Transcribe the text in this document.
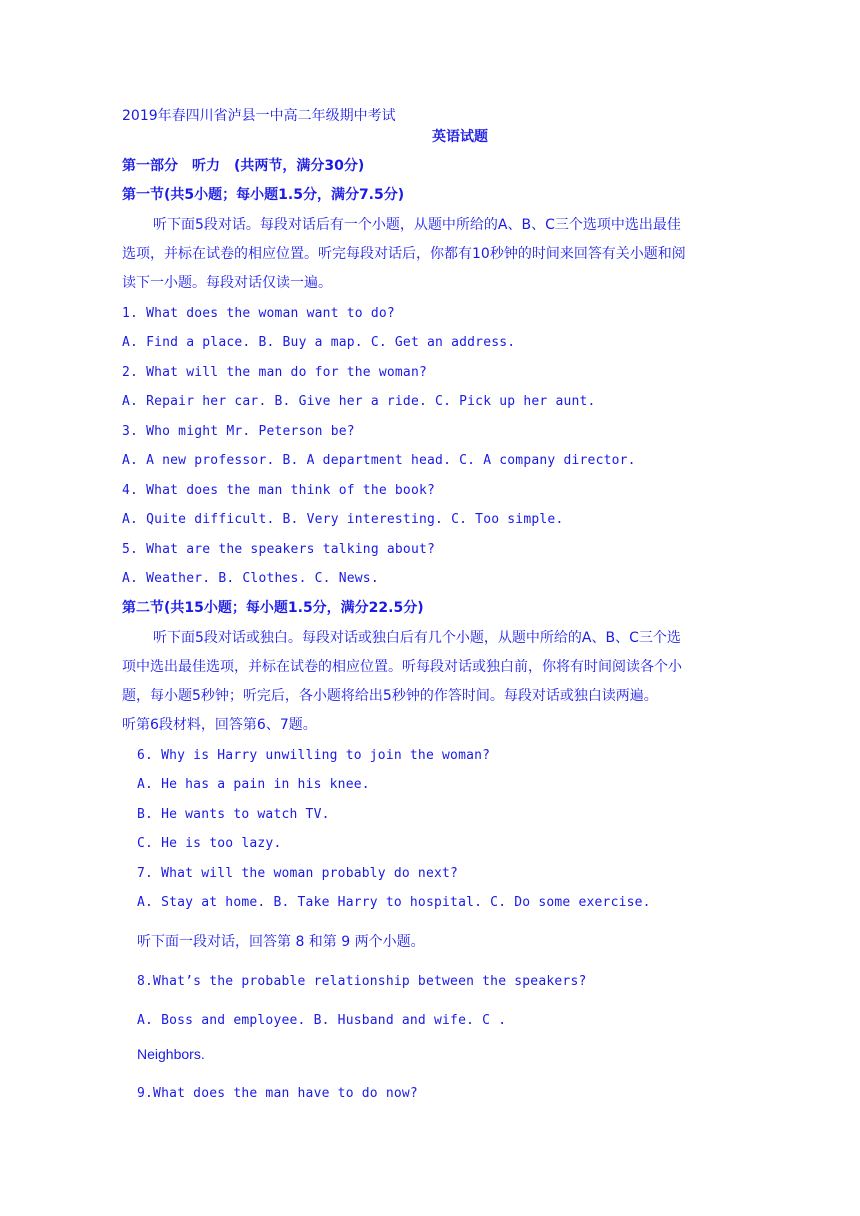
2019年春四川省泸县一中高二年级期中考试
英语试题
第一部分　听力　(共两节，满分30分)
第一节(共5小题；每小题1.5分，满分7.5分)
听下面5段对话。每段对话后有一个小题，从题中所给的A、B、C三个选项中选出最佳
选项，并标在试卷的相应位置。听完每段对话后，你都有10秒钟的时间来回答有关小题和阅
读下一小题。每段对话仅读一遍。
1. What does the woman want to do?
A. Find a place. B. Buy a map. C. Get an address.
2. What will the man do for the woman?
A. Repair her car. B. Give her a ride. C. Pick up her aunt.
3. Who might Mr. Peterson be?
A. A new professor. B. A department head. C. A company director.
4. What does the man think of the book?
A. Quite difficult. B. Very interesting. C. Too simple.
5. What are the speakers talking about?
A. Weather. B. Clothes. C. News.
第二节(共15小题；每小题1.5分，满分22.5分)
听下面5段对话或独白。每段对话或独白后有几个小题，从题中所给的A、B、C三个选
项中选出最佳选项，并标在试卷的相应位置。听每段对话或独白前，你将有时间阅读各个小
题，每小题5秒钟；听完后，各小题将给出5秒钟的作答时间。每段对话或独白读两遍。
听第6段材料，回答第6、7题。
6. Why is Harry unwilling to join the woman?
A. He has a pain in his knee.
B. He wants to watch TV.
C. He is too lazy.
7. What will the woman probably do next?
A. Stay at home. B. Take Harry to hospital. C. Do some exercise.
听下面一段对话，回答第 8 和第 9 两个小题。
8.What’s the probable relationship between the speakers?
A. Boss and employee. B. Husband and wife. C .
Neighbors.
9.What does the man have to do now?
